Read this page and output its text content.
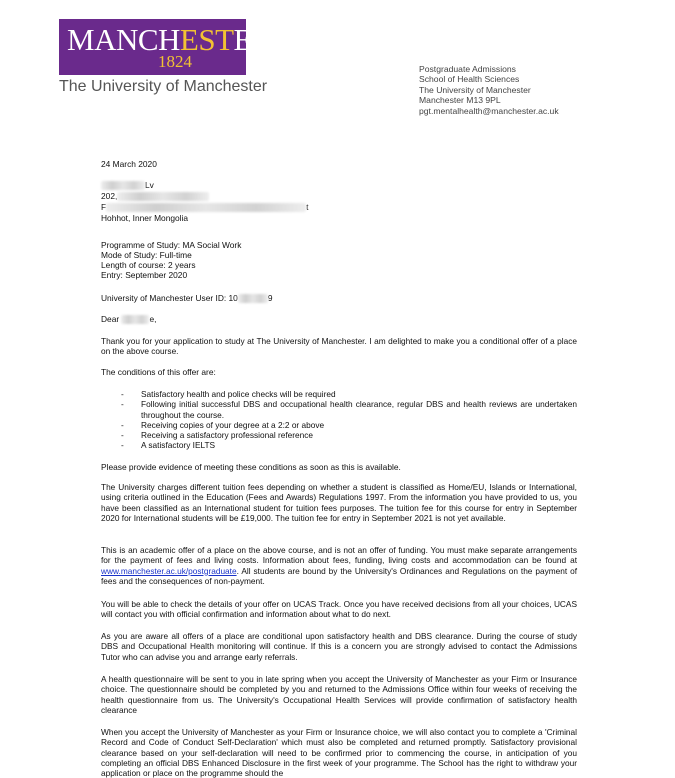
MANCHESTER
1824
The University of Manchester
Postgraduate Admissions
School of Health Sciences
The University of Manchester
Manchester M13 9PL
pgt.mentalhealth@manchester.ac.uk
24 March 2020
Lv
202,
F	t
Hohhot, Inner Mongolia
Programme of Study: MA Social Work
Mode of Study: Full-time
Length of course: 2 years
Entry: September 2020
University of Manchester User ID: 10	9
Dear	e,
Thank you for your application to study at The University of Manchester. I am delighted to make you a conditional offer of a place on the above course.
The conditions of this offer are:
- Satisfactory health and police checks will be required
- Following initial successful DBS and occupational health clearance, regular DBS and health reviews are undertaken throughout the course.
- Receiving copies of your degree at a 2:2 or above
- Receiving a satisfactory professional reference
- A satisfactory IELTS
Please provide evidence of meeting these conditions as soon as this is available.
The University charges different tuition fees depending on whether a student is classified as Home/EU, Islands or International, using criteria outlined in the Education (Fees and Awards) Regulations 1997. From the information you have provided to us, you have been classified as an International student for tuition fees purposes. The tuition fee for this course for entry in September 2020 for International students will be £19,000. The tuition fee for entry in September 2021 is not yet available.
This is an academic offer of a place on the above course, and is not an offer of funding. You must make separate arrangements for the payment of fees and living costs. Information about fees, funding, living costs and accommodation can be found at www.manchester.ac.uk/postgraduate. All students are bound by the University's Ordinances and Regulations on the payment of fees and the consequences of non-payment.
You will be able to check the details of your offer on UCAS Track. Once you have received decisions from all your choices, UCAS will contact you with official confirmation and information about what to do next.
As you are aware all offers of a place are conditional upon satisfactory health and DBS clearance. During the course of study DBS and Occupational Health monitoring will continue. If this is a concern you are strongly advised to contact the Admissions Tutor who can advise you and arrange early referrals.
A health questionnaire will be sent to you in late spring when you accept the University of Manchester as your Firm or Insurance choice. The questionnaire should be completed by you and returned to the Admissions Office within four weeks of receiving the health questionnaire from us. The University's Occupational Health Services will provide confirmation of satisfactory health clearance
When you accept the University of Manchester as your Firm or Insurance choice, we will also contact you to complete a 'Criminal Record and Code of Conduct Self-Declaration' which must also be completed and returned promptly. Satisfactory provisional clearance based on your self-declaration will need to be confirmed prior to commencing the course, in anticipation of you completing an official DBS Enhanced Disclosure in the first week of your programme. The School has the right to withdraw your application or place on the programme should the
